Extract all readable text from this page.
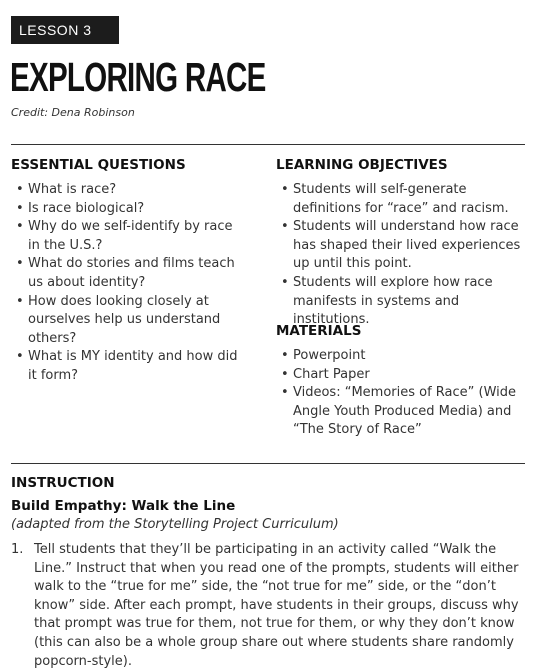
LESSON 3
EXPLORING RACE
Credit: Dena Robinson
ESSENTIAL QUESTIONS
• What is race?
• Is race biological?
• Why do we self-identify by race in the U.S.?
• What do stories and films teach us about identity?
• How does looking closely at ourselves help us understand others?
• What is MY identity and how did it form?
LEARNING OBJECTIVES
• Students will self-generate definitions for “race” and racism.
• Students will understand how race has shaped their lived experiences up until this point.
• Students will explore how race manifests in systems and institutions.
MATERIALS
• Powerpoint
• Chart Paper
• Videos: “Memories of Race” (Wide Angle Youth Produced Media) and “The Story of Race”
INSTRUCTION
Build Empathy: Walk the Line
(adapted from the Storytelling Project Curriculum)
1. Tell students that they’ll be participating in an activity called “Walk the Line.” Instruct that when you read one of the prompts, students will either walk to the “true for me” side, the “not true for me” side, or the “don’t know” side. After each prompt, have students in their groups, discuss why that prompt was true for them, not true for them, or why they don’t know (this can also be a whole group share out where students share randomly popcorn-style).
